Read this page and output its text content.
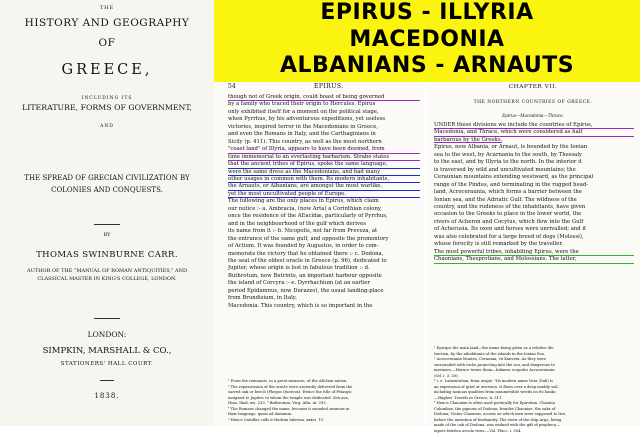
THE
HISTORY AND GEOGRAPHY
OF
GREECE,
INCLUDING ITS
LITERATURE, FORMS OF GOVERNMENT,
AND
THE SPREAD OF GRECIAN CIVILIZATION BY
COLONIES AND CONQUESTS.
BY
THOMAS SWINBURNE CARR.
AUTHOR OF THE "MANUAL OF ROMAN ANTIQUITIES," AND
CLASSICAL MASTER IN KING'S COLLEGE, LONDON.
LONDON:
SIMPKIN, MARSHALL & CO.,
STATIONERS' HALL COURT.
1838.
54	EPIRUS.
though not of Greek origin, could boast of being governed
by a family who traced their origin to Hercules. Epirus
only exhibited itself for a moment on the political stage,
when Pyrrhus, by his adventurous expeditions, yet useless
victories, inspired terror in the Macedonians in Greece,
and even the Romans in Italy, and the Carthaginians in
Sicily (p. 411). This country, as well as the most northern
"coast land" of Illyria, appears to have been deemed, from
time immemorial to an everlasting barbarism. Strabo states
that the ancient tribes of Epirus, spoke the same language,
were the same dress as the Macedonians, and had many
other usages in common with them. Its modern inhabitants,
the Arnauts, or Albanians, are amongst the most warlike,
yet the most uncultivated people of Europe.
The following are the only places in Epirus, which claim
our notice :- a. Ambracia, (now Arta) a Corinthian colony,
once the residence of the AEacidæ, particularly of Pyrrhus,
and in the neighbourhood of the gulf which derives
its name from it :- b. Nicopolis, not far from Preveza, at
the entrance of the same gulf, and opposite the promontory
of Actium. It was founded by Augustus, in order to com-
memorate the victory that he obtained there :- c. Dodona,
the seat of the oldest oracle in Greece (p. 96), dedicated to
Jupiter, whose origin is lost in fabulous tradition :- d.
Buthrotum, now Butrinto, an important harbour opposite
the island of Corcyra :- e. Dyrrhachium (at an earlier
period Epidamnus, now Durazzo), the usual landing-place
from Brundisium, in Italy.
Macedonia. This country, which is so important in the
¹ From the remnants, in a great measure, of the AEolian nation.
² The repossession of the oracle were anciently delivered from the
sacred oak or beech (Phegos Quercus). Hence the title of Pelasgic
assigned to Jupiter, to whom the temple was dedicated. Zeù ava,
Hom. Iliad, xvi. 233. ³ Buthrotum, Virg. AEn. iii. 293.
⁴ The Romans changed the name, because it sounded ominous in
their language, quasi ad damnum.
⁵ Hence Catullus calls it Hadriæ taberna, xxxvi. 15.
CHAPTER VII.
THE NORTHERN COUNTRIES OF GREECE.
Epirus—Macedonia—Thrace.
UNDER these divisions we include the countries of Epirus,
Macedonia, and Thrace, which were considered as half
barbarous by the Greeks.
Epirus, now Albania, or Arnaut, is bounded by the Ionian
sea to the west, by Acarnania to the south, by Thessaly
to the east, and by Illyria to the north. In the interior it
is traversed by wild and uncultivated mountains; the
Ceraunian mountains extending westward, as the principal
range of the Pindus, and terminating in the rugged head-
land, Acroceraunia, which forms a barrier between the
Ionian sea, and the Adriatic Gulf. The wildness of the
country, and the rudeness of the inhabitants, have given
occasion to the Greeks to place in the lower world, the
rivers of Acheron and Cocytus, which flow into the Gulf
of Acherusia. Its oxen and horses were unrivalled; and it
was also celebrated for a large breed of dogs (Molossi),
whose ferocity is still remarked by the traveller.
The most powerful tribes, inhabiting Epirus, were the
Chaonians, Thesprotians, and Molossians. The latter,
¹ Epwqos the main land—the name being given as a relative dis-
tinction, by the inhabitants of the islands in the Ionian Sea.
² Acroceraunia Montes, Ceraunia, vii Kanveta. As they were
surrounded with rocks projecting into the sea, and dangerous to
mariners.—Horace terms them—Infames scopulos Acroceraunia.
(Od. i. 3. 20).
³ i. e. Lamentation, from uwgie. "Its modern name Vora (Suli) is
an expression of grief or aversion. It flows over a deep muddy soil,
including noxious qualities from innumerable weeds on its banks
—Hughes' Travels in Greece, ii. 311.
⁴ Hence Chaonian is often used poetically for Epirotian. Chaonia
Columbae, the pigeons of Dodona; frondes Chaoniae, the oaks of
Dodona; Victus Chaonius, acorns on which men were supposed to live,
before the invention of husbandry. The stern of the ship Argo, being
made of the oak of Dodona, was endued with the gift of prophecy—
nipote fatidica arcula virus.—Val. Flacc. i. 304.
EPIRUS - ILLYRIA
MACEDONIA
ALBANIANS - ARNAUTS
